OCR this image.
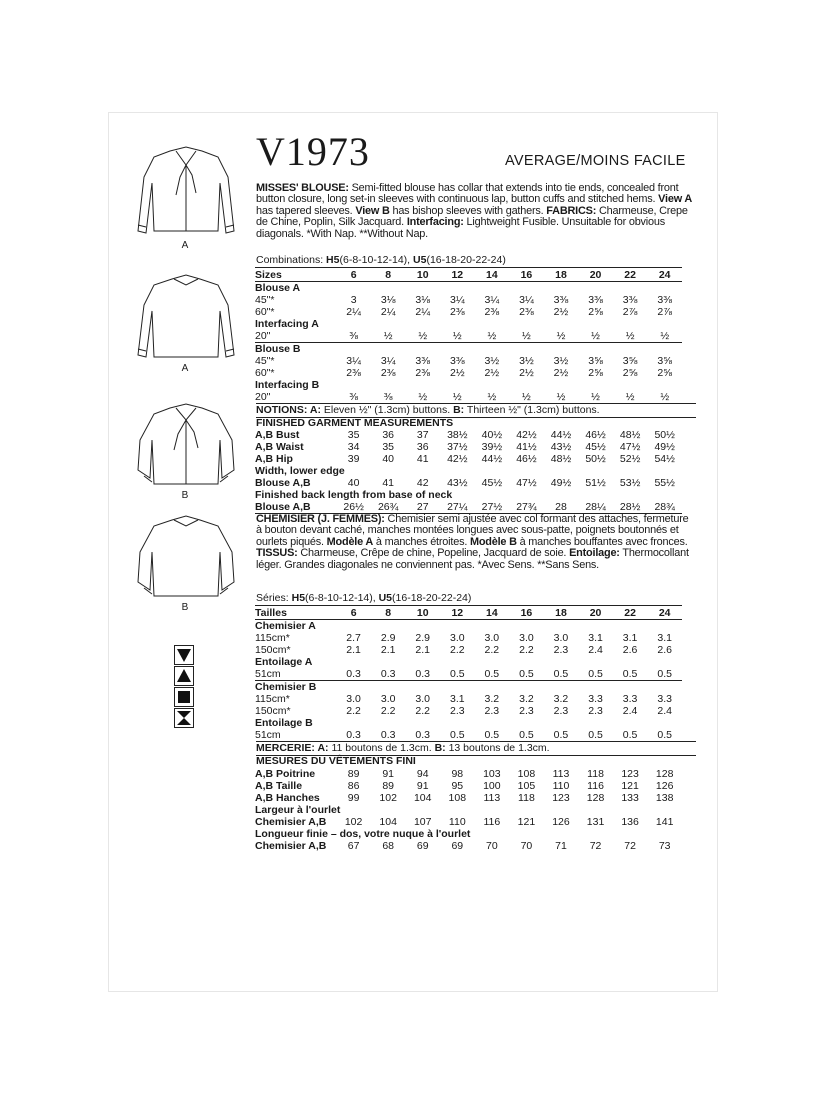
A
A
B
B
V1973	AVERAGE/MOINS FACILE

MISSES' BLOUSE: Semi-fitted blouse has collar that extends into tie ends, concealed front button closure, long set-in sleeves with continuous lap, button cuffs and stitched hems. View A has tapered sleeves. View B has bishop sleeves with gathers. FABRICS: Charmeuse, Crepe de Chine, Poplin, Silk Jacquard. Interfacing: Lightweight Fusible. Unsuitable for obvious diagonals. *With Nap. **Without Nap.

Combinations: H5(6-8-10-12-14), U5(16-18-20-22-24)
Sizes	6	8	10	12	14	16	18	20	22	24
Blouse A										
45"*	3	3⅛	3⅛	3¼	3¼	3¼	3⅜	3⅜	3⅜	3⅜
60"*	2¼	2¼	2¼	2⅜	2⅜	2⅜	2½	2⅝	2⅞	2⅞
Interfacing A										
20"	⅜	½	½	½	½	½	½	½	½	½
Blouse B										
45"*	3¼	3¼	3⅜	3⅜	3½	3½	3½	3⅝	3⅝	3⅝
60"*	2⅜	2⅜	2⅜	2½	2½	2½	2½	2⅝	2⅝	2⅝
Interfacing B										
20"	⅜	⅜	½	½	½	½	½	½	½	½
NOTIONS: A: Eleven ½" (1.3cm) buttons. B: Thirteen ½" (1.3cm) buttons.
FINISHED GARMENT MEASUREMENTS
A,B Bust	35	36	37	38½	40½	42½	44½	46½	48½	50½
A,B Waist	34	35	36	37½	39½	41½	43½	45½	47½	49½
A,B Hip	39	40	41	42½	44½	46½	48½	50½	52½	54½
Width, lower edge										
Blouse A,B	40	41	42	43½	45½	47½	49½	51½	53½	55½
Finished back length from base of neck										
Blouse A,B	26½	26¾	27	27¼	27½	27¾	28	28¼	28½	28¾

CHEMISIER (J. FEMMES): Chemisier semi ajustée avec col formant des attaches, fermeture à bouton devant caché, manches montées longues avec sous-patte, poignets boutonnés et ourlets piqués. Modèle A à manches étroites. Modèle B à manches bouffantes avec fronces. TISSUS: Charmeuse, Crêpe de chine, Popeline, Jacquard de soie. Entoilage: Thermocollant léger. Grandes diagonales ne conviennent pas. *Avec Sens. **Sans Sens.

Séries: H5(6-8-10-12-14), U5(16-18-20-22-24)
Tailles	6	8	10	12	14	16	18	20	22	24
Chemisier A										
115cm*	2.7	2.9	2.9	3.0	3.0	3.0	3.0	3.1	3.1	3.1
150cm*	2.1	2.1	2.1	2.2	2.2	2.2	2.3	2.4	2.6	2.6
Entoilage A										
51cm	0.3	0.3	0.3	0.5	0.5	0.5	0.5	0.5	0.5	0.5
Chemisier B										
115cm*	3.0	3.0	3.0	3.1	3.2	3.2	3.2	3.3	3.3	3.3
150cm*	2.2	2.2	2.2	2.3	2.3	2.3	2.3	2.3	2.4	2.4
Entoilage B										
51cm	0.3	0.3	0.3	0.5	0.5	0.5	0.5	0.5	0.5	0.5
MERCERIE: A: 11 boutons de 1.3cm. B: 13 boutons de 1.3cm.
MESURES DU VÊTEMENTS FINI
A,B Poitrine	89	91	94	98	103	108	113	118	123	128
A,B Taille	86	89	91	95	100	105	110	116	121	126
A,B Hanches	99	102	104	108	113	118	123	128	133	138
Largeur à l'ourlet										
Chemisier A,B	102	104	107	110	116	121	126	131	136	141
Longueur finie – dos, votre nuque à l'ourlet										
Chemisier A,B	67	68	69	69	70	70	71	72	72	73
